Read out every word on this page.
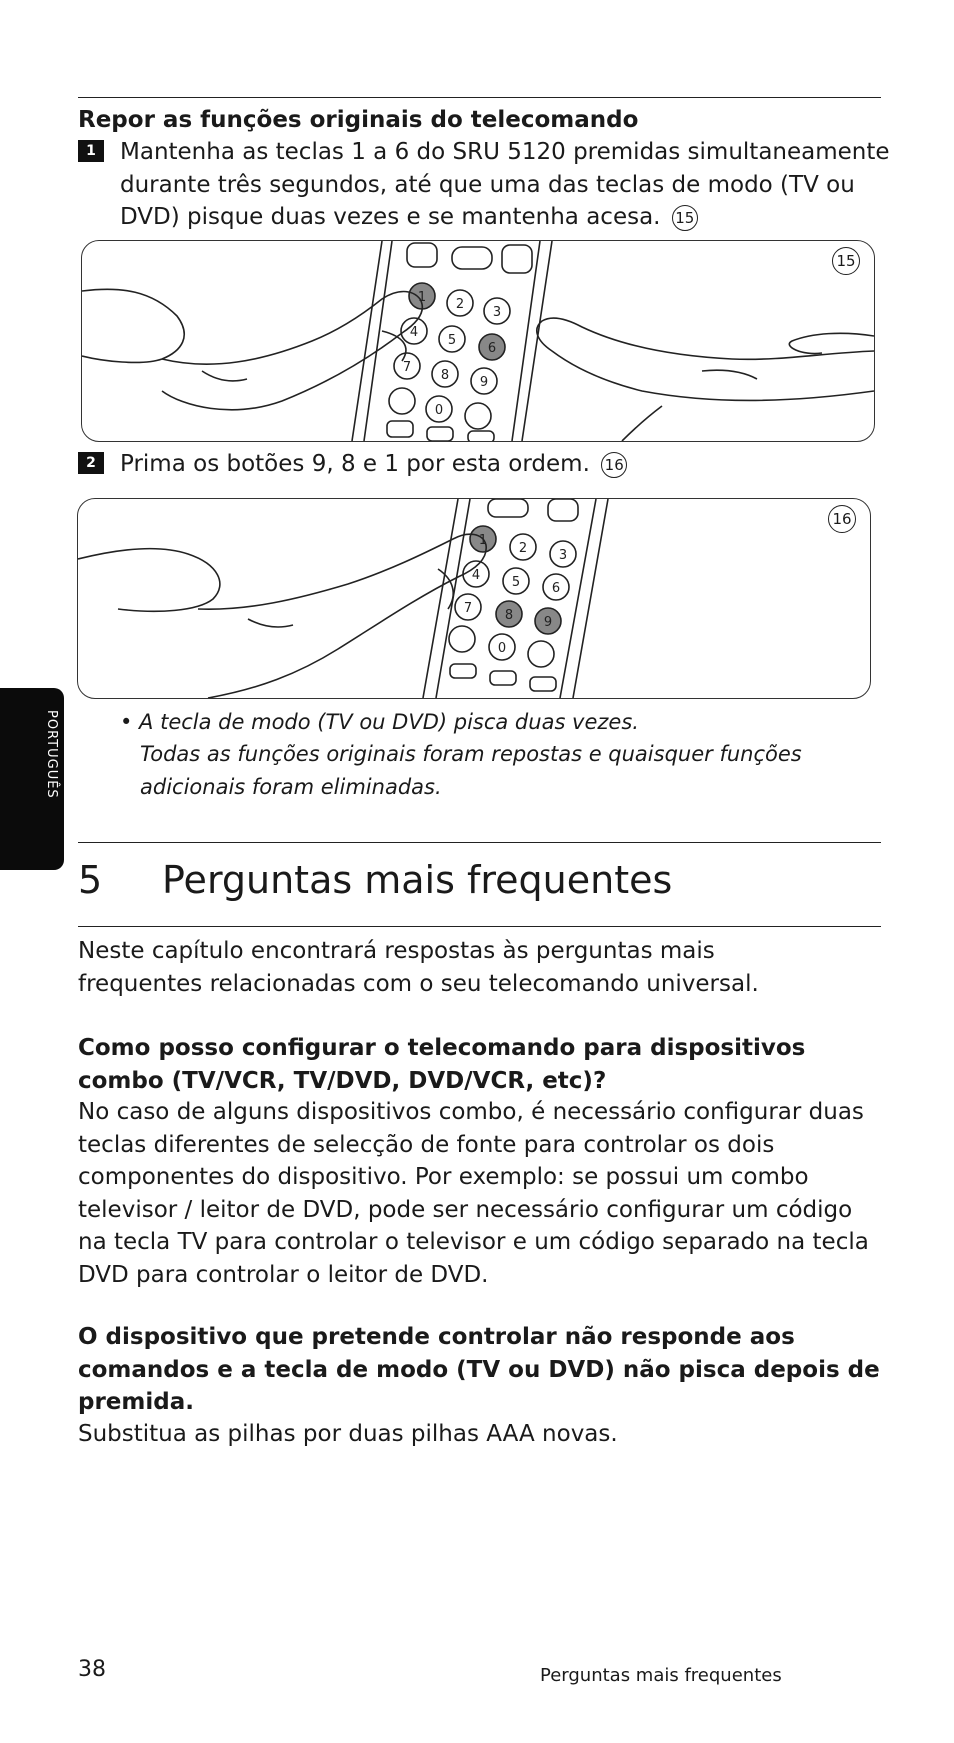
Repor as funções originais do telecomando
1	Mantenha as teclas 1 a 6 do SRU 5120 premidas simultaneamente durante três segundos, até que uma das teclas de modo (TV ou DVD) pisque duas vezes e se mantenha acesa. 15
1 2
3
4
5
6
7
8 9
0
15
2	Prima os botões 9, 8 e 1 por esta ordem. 16
1
2 3
4 5 6
7	8 9
0
16
• A tecla de modo (TV ou DVD) pisca duas vezes.
Todas as funções originais foram repostas e quaisquer funções adicionais foram eliminadas.
PORTUGUÊS
5 Perguntas mais frequentes
Neste capítulo encontrará respostas às perguntas mais frequentes relacionadas com o seu telecomando universal.
Como posso configurar o telecomando para dispositivos combo (TV/VCR, TV/DVD, DVD/VCR, etc)?
No caso de alguns dispositivos combo, é necessário configurar duas teclas diferentes de selecção de fonte para controlar os dois componentes do dispositivo. Por exemplo: se possui um combo televisor / leitor de DVD, pode ser necessário configurar um código na tecla TV para controlar o televisor e um código separado na tecla DVD para controlar o leitor de DVD.
O dispositivo que pretende controlar não responde aos comandos e a tecla de modo (TV ou DVD) não pisca depois de premida.
Substitua as pilhas por duas pilhas AAA novas.
38	Perguntas mais frequentes
